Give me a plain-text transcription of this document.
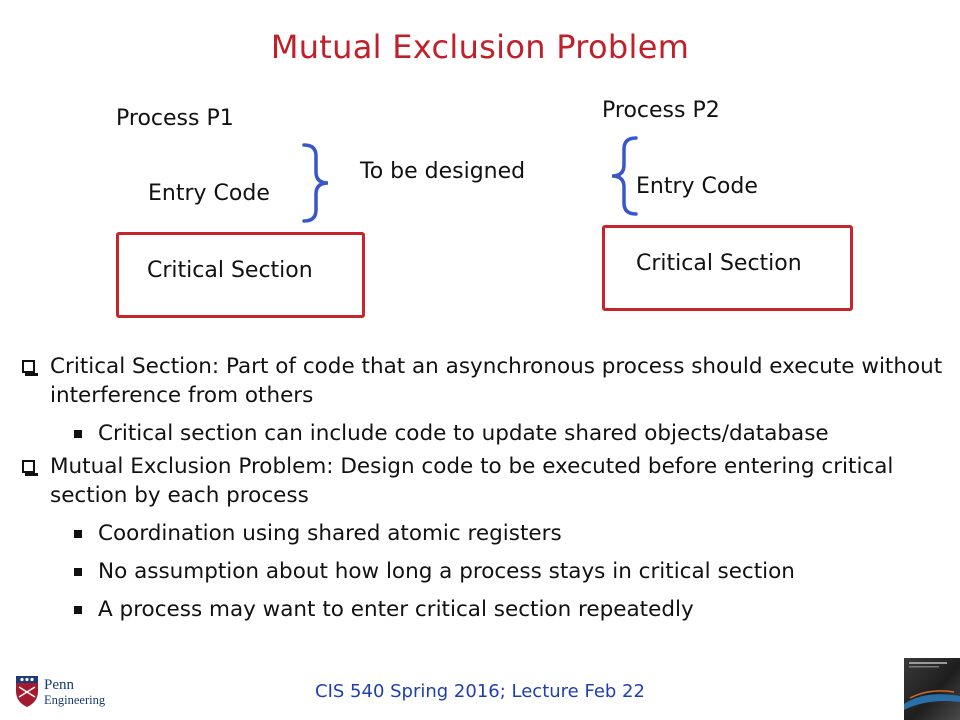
Mutual Exclusion Problem
Process P1	Process P2
Entry Code	Entry Code
To be designed
Critical Section	Critical Section
Critical Section: Part of code that an asynchronous process should execute without interference from others
Critical section can include code to update shared objects/database
Mutual Exclusion Problem: Design code to be executed before entering critical section by each process
Coordination using shared atomic registers
No assumption about how long a process stays in critical section
A process may want to enter critical section repeatedly
Penn
Engineering	CIS 540 Spring 2016; Lecture Feb 22
